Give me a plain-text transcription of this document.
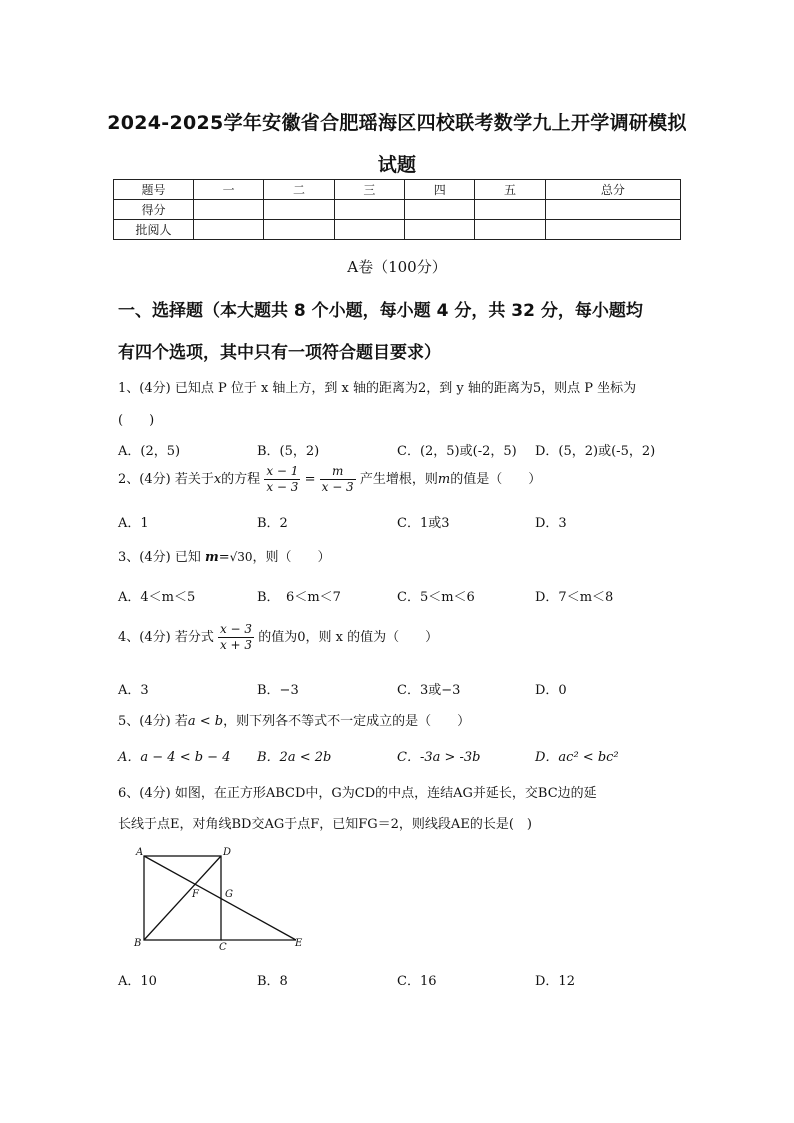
2024-2025学年安徽省合肥瑶海区四校联考数学九上开学调研模拟
试题
题号	一	二	三	四	五	总分
得分						
批阅人						
A卷（100分）
一、选择题（本大题共 8 个小题，每小题 4 分，共 32 分，每小题均
有四个选项，其中只有一项符合题目要求）
1、(4分) 已知点 P 位于 x 轴上方，到 x 轴的距离为2，到 y 轴的距离为5，则点 P 坐标为
(　　)
A．(2，5)	B．(5，2)	C．(2，5)或(-2，5) D．(5，2)或(-5，2)
2、(4分) 若关于x的方程 $\frac{x - 1}{x - 3} = \frac{m}{x - 3}$ 产生增根，则m的值是（　　）
A．1	B．2	C．1或3	D．3
3、(4分) 已知 m=√30，则（　　）
A．4＜m＜5	B．　6＜m＜7	C．5＜m＜6	D．7＜m＜8
4、(4分) 若分式 $\frac{x - 3}{x + 3}$ 的值为0，则 x 的值为（　　）
A．3	B．−3	C．3或−3	D．0
5、(4分) 若a < b，则下列各不等式不一定成立的是（　　）
A．a − 4 < b − 4 B．2a < 2b	C．-3a > -3b	D．ac² < bc²
6、(4分) 如图，在正方形ABCD中，G为CD的中点，连结AG并延长，交BC边的延
长线于点E，对角线BD交AG于点F，已知FG＝2，则线段AE的长是(　)
A	D
F	G
B	C	E
A．10	B．8	C．16	D．12
